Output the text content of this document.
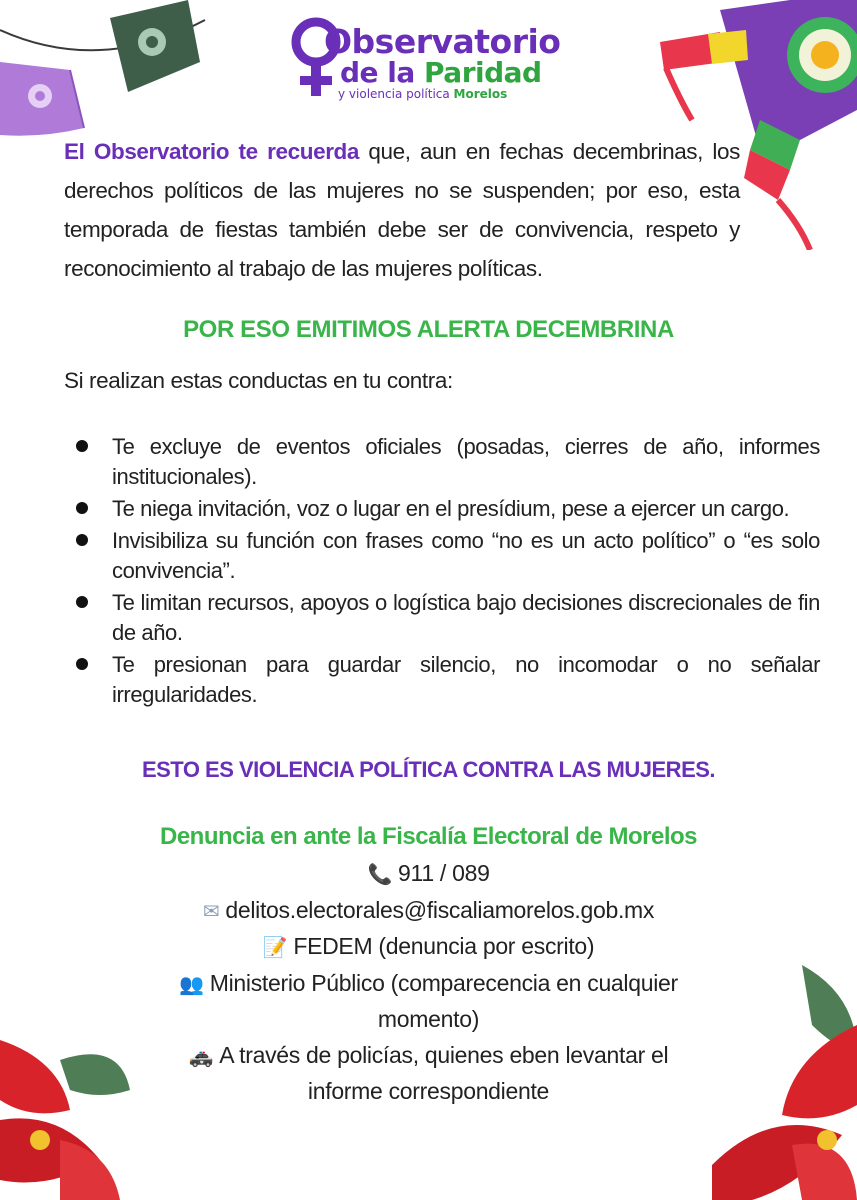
Observatorio
de la Paridad
y violencia política Morelos

El Observatorio te recuerda que, aun en fechas decembrinas, los derechos políticos de las mujeres no se suspenden; por eso, esta temporada de fiestas también debe ser de convivencia, respeto y reconocimiento al trabajo de las mujeres políticas.

POR ESO EMITIMOS ALERTA DECEMBRINA
Si realizan estas conductas en tu contra:
Te excluye de eventos oficiales (posadas, cierres de año, informes institucionales).
Te niega invitación, voz o lugar en el presídium, pese a ejercer un cargo.
Invisibiliza su función con frases como “no es un acto político” o “es solo convivencia”.
Te limitan recursos, apoyos o logística bajo decisiones discrecionales de fin de año.
Te presionan para guardar silencio, no incomodar o no señalar irregularidades.
ESTO ES VIOLENCIA POLÍTICA CONTRA LAS MUJERES.
Denuncia en ante la Fiscalía Electoral de Morelos
📞 911 / 089
✉ delitos.electorales@fiscaliamorelos.gob.mx
📝 FEDEM (denuncia por escrito)
👥 Ministerio Público (comparecencia en cualquier momento)
🚓 A través de policías, quienes eben levantar el informe correspondiente
